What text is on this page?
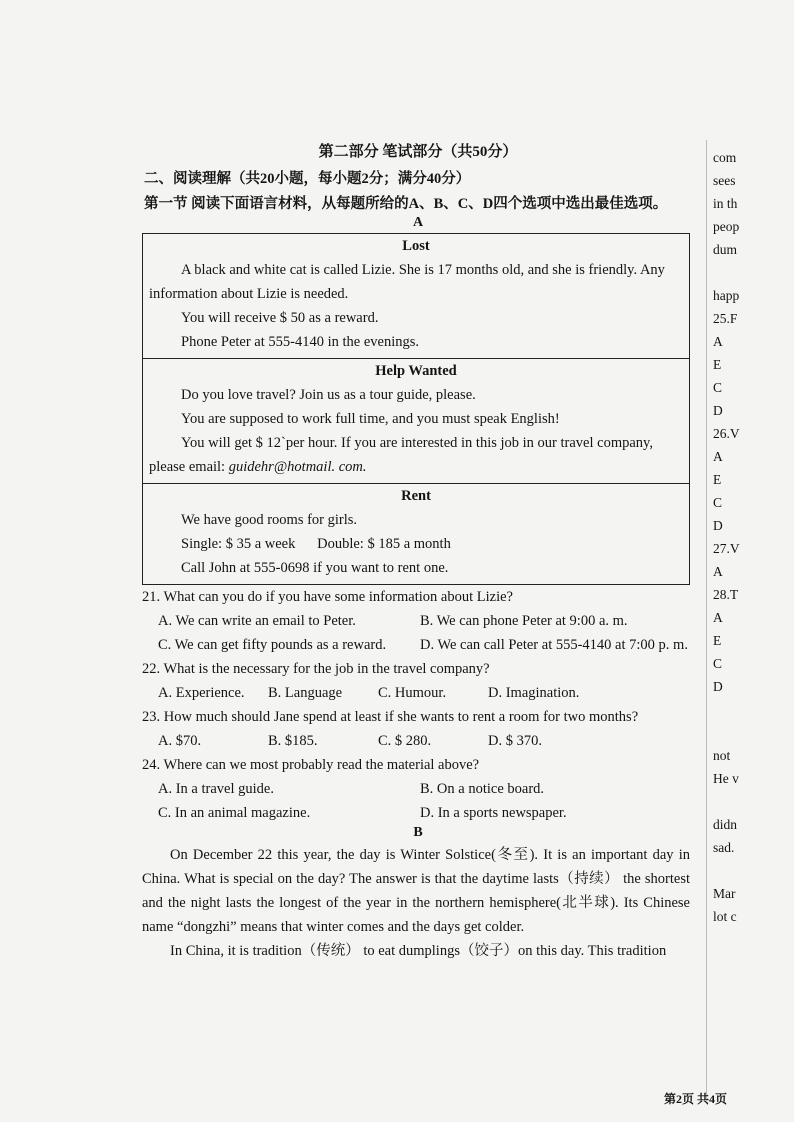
第二部分 笔试部分（共50分）
二、阅读理解（共20小题，每小题2分；满分40分）
第一节 阅读下面语言材料，从每题所给的A、B、C、D四个选项中选出最佳选项。
A
Lost

A black and white cat is called Lizie. She is 17 months old, and she is friendly. Any information about Lizie is needed.

You will receive $ 50 as a reward.

Phone Peter at 555-4140 in the evenings.

Help Wanted

Do you love travel? Join us as a tour guide, please.

You are supposed to work full time, and you must speak English!

You will get $ 12`per hour. If you are interested in this job in our travel company, please email: guidehr@hotmail. com.

Rent

We have good rooms for girls.

Single: $ 35 a week      Double: $ 185 a month

Call John at 555-0698 if you want to rent one.

21. What can you do if you have some information about Lizie?
A. We can write an email to Peter.	B. We can phone Peter at 9:00 a. m.
C. We can get fifty pounds as a reward.	D. We can call Peter at 555-4140 at 7:00 p. m.
22. What is the necessary for the job in the travel company?
A. Experience.	B. Language	C. Humour.	D. Imagination.
23. How much should Jane spend at least if she wants to rent a room for two months?
A. $70.	B. $185.	C. $ 280.	D. $ 370.
24. Where can we most probably read the material above?
A. In a travel guide.	B. On a notice board.
C. In an animal magazine.	D. In a sports newspaper.
B

On December 22 this year, the day is Winter Solstice(冬至). It is an important day in China. What is special on the day? The answer is that the daytime lasts（持续） the shortest and the night lasts the longest of the year in the northern hemisphere(北半球). Its Chinese name “dongzhi” means that winter comes and the days get colder.

In China, it is tradition（传统） to eat dumplings（饺子）on this day. This tradition

com
sees
in th
peop
dum
happ
25.F
A
E
C
D
26.V
A
E
C
D
27.V
A
28.T
A
E
C
D
not
He v
didn
sad.
Mar
lot c
第2页 共4页
